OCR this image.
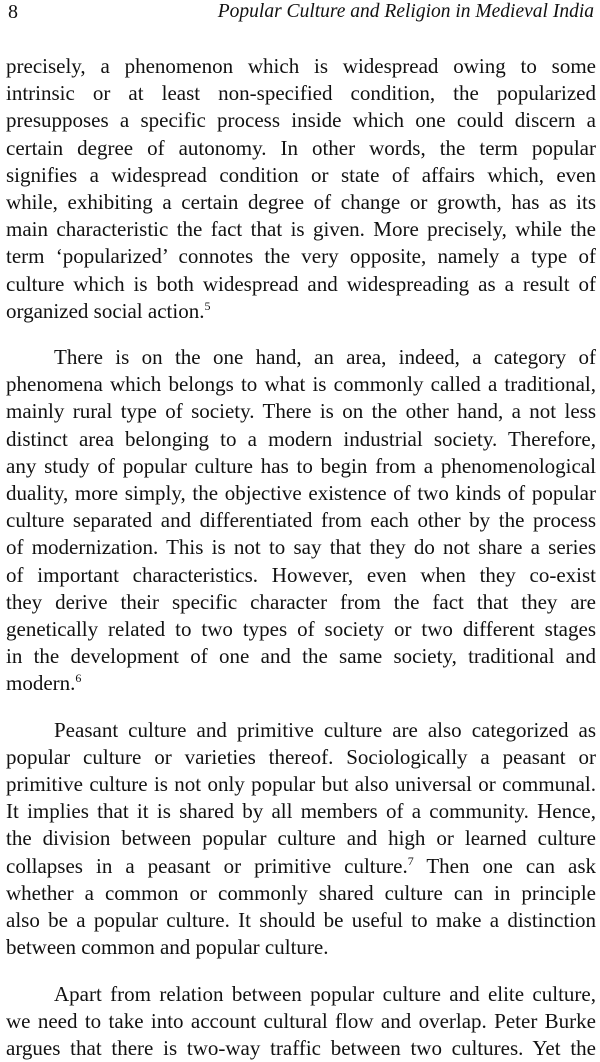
8	Popular Culture and Religion in Medieval India

precisely, a phenomenon which is widespread owing to some
intrinsic or at least non-specified condition, the popularized
presupposes a specific process inside which one could discern a
certain degree of autonomy. In other words, the term popular
signifies a widespread condition or state of affairs which, even
while, exhibiting a certain degree of change or growth, has as its
main characteristic the fact that is given. More precisely, while the
term ‘popularized’ connotes the very opposite, namely a type of
culture which is both widespread and widespreading as a result of
organized social action.$^5$

There is on the one hand, an area, indeed, a category of
phenomena which belongs to what is commonly called a traditional,
mainly rural type of society. There is on the other hand, a not less
distinct area belonging to a modern industrial society. Therefore,
any study of popular culture has to begin from a phenomenological
duality, more simply, the objective existence of two kinds of popular
culture separated and differentiated from each other by the process
of modernization. This is not to say that they do not share a series
of important characteristics. However, even when they co-exist
they derive their specific character from the fact that they are
genetically related to two types of society or two different stages
in the development of one and the same society, traditional and
modern.$^6$

Peasant culture and primitive culture are also categorized as
popular culture or varieties thereof. Sociologically a peasant or
primitive culture is not only popular but also universal or communal.
It implies that it is shared by all members of a community. Hence,
the division between popular culture and high or learned culture
collapses in a peasant or primitive culture.$^7$ Then one can ask
whether a common or commonly shared culture can in principle
also be a popular culture. It should be useful to make a distinction
between common and popular culture.

Apart from relation between popular culture and elite culture,
we need to take into account cultural flow and overlap. Peter Burke
argues that there is two-way traffic between two cultures. Yet the
